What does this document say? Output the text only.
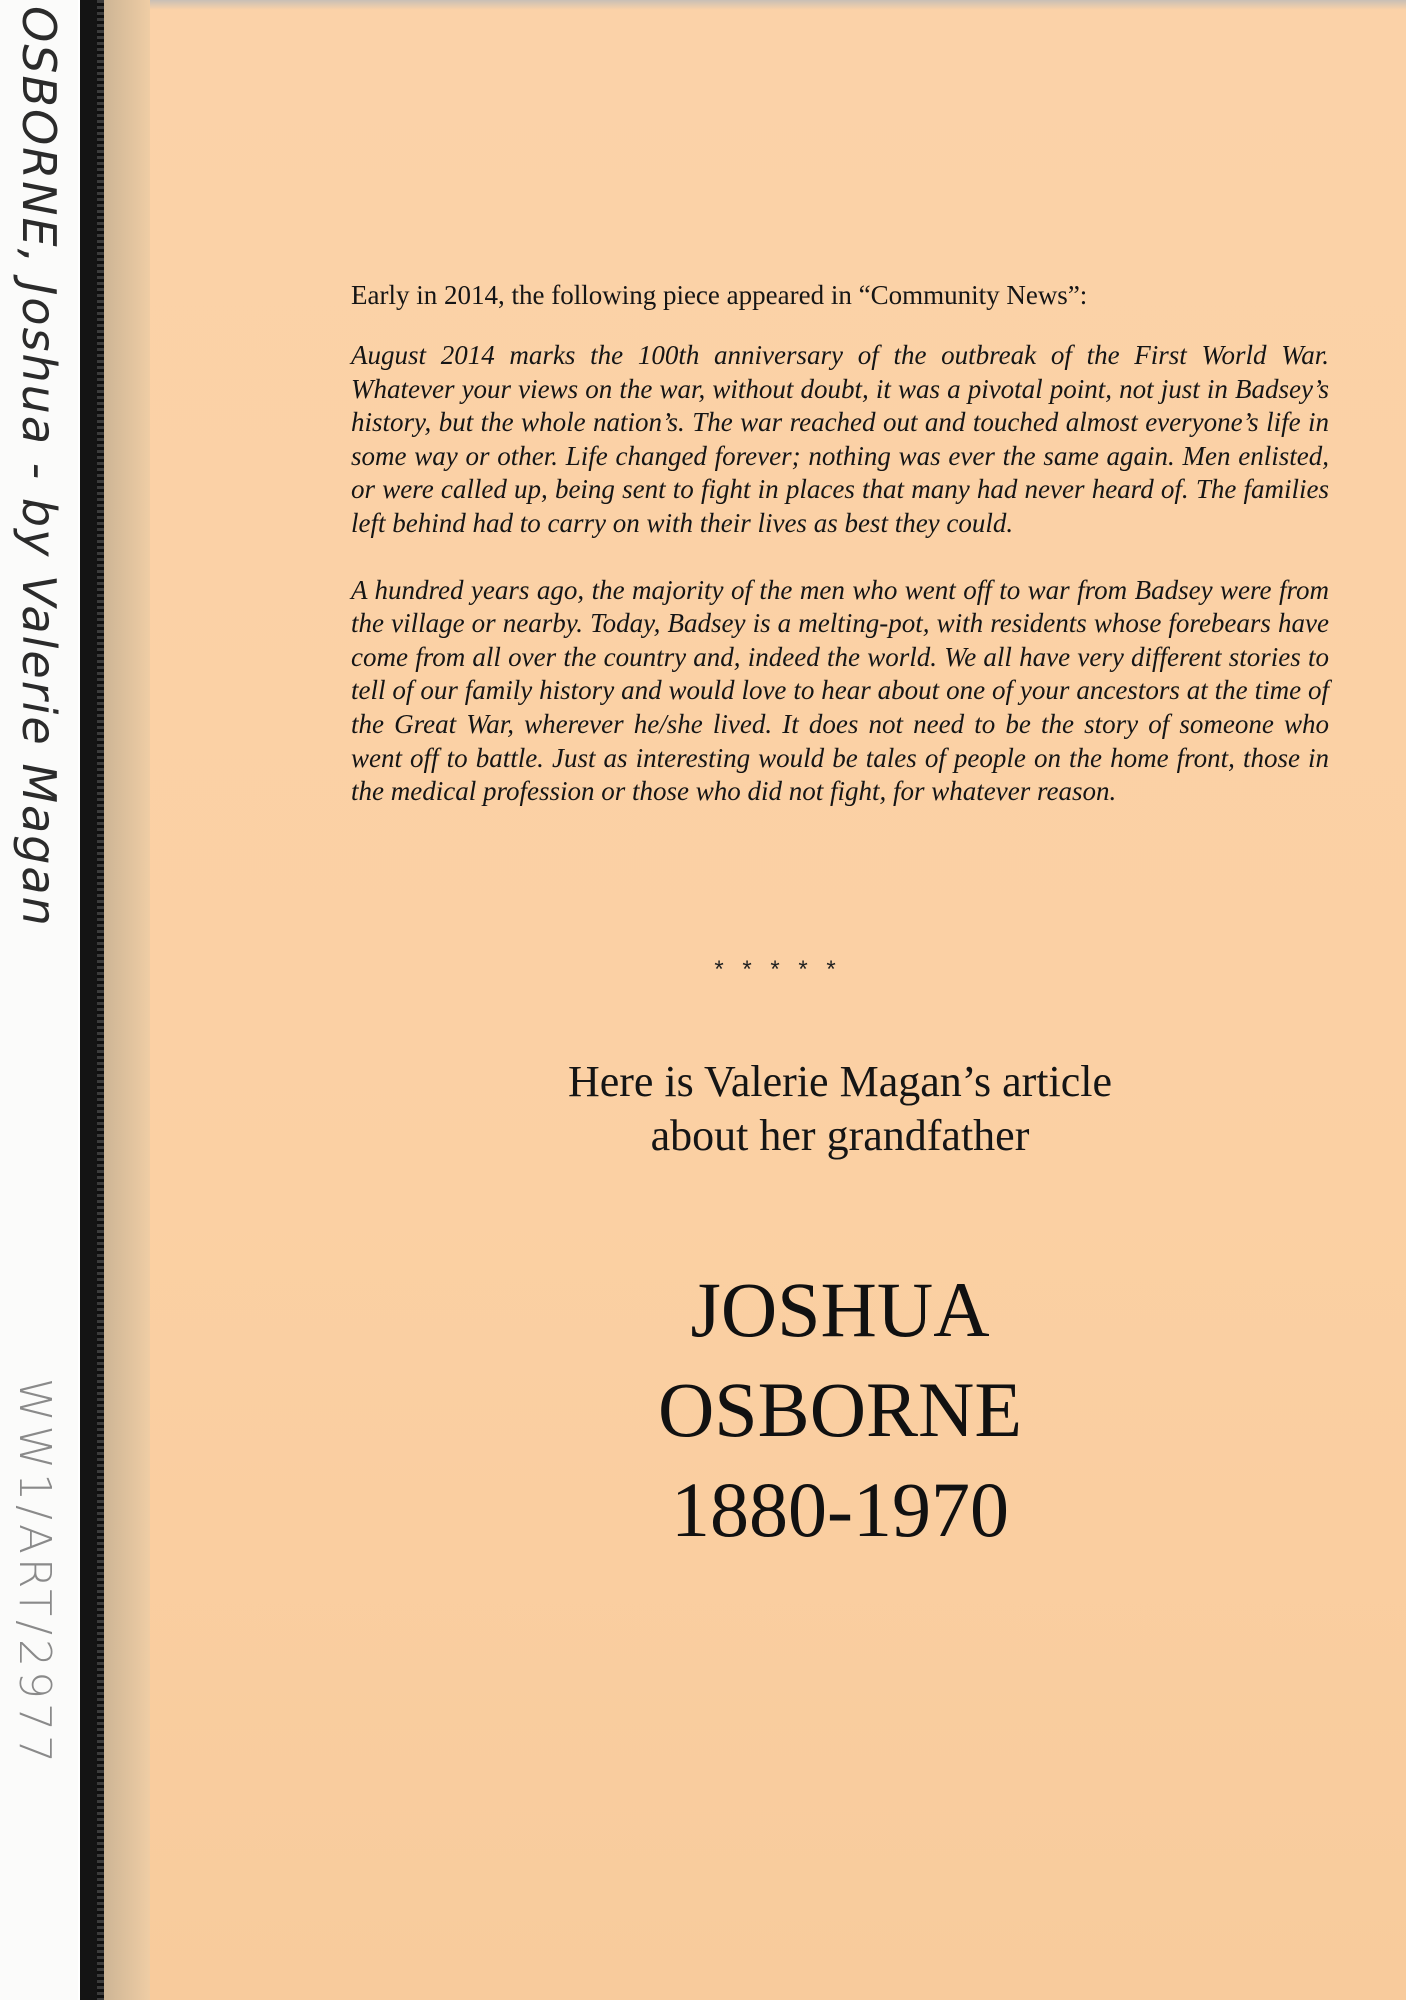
Early in 2014, the following piece appeared in “Community News”:

August 2014 marks the 100th anniversary of the outbreak of the First World War. Whatever your views on the war, without doubt, it was a pivotal point, not just in Badsey’s history, but the whole nation’s. The war reached out and touched almost everyone’s life in some way or other. Life changed forever; nothing was ever the same again. Men enlisted, or were called up, being sent to fight in places that many had never heard of. The families left behind had to carry on with their lives as best they could.

A hundred years ago, the majority of the men who went off to war from Badsey were from the village or nearby. Today, Badsey is a melting-pot, with residents whose forebears have come from all over the country and, indeed the world. We all have very different stories to tell of our family history and would love to hear about one of your ancestors at the time of the Great War, wherever he/she lived. It does not need to be the story of someone who went off to battle. Just as interesting would be tales of people on the home front, those in the medical profession or those who did not fight, for whatever reason.

* * * * *
Here is Valerie Magan’s article
about her grandfather
JOSHUA
OSBORNE
1880-1970
